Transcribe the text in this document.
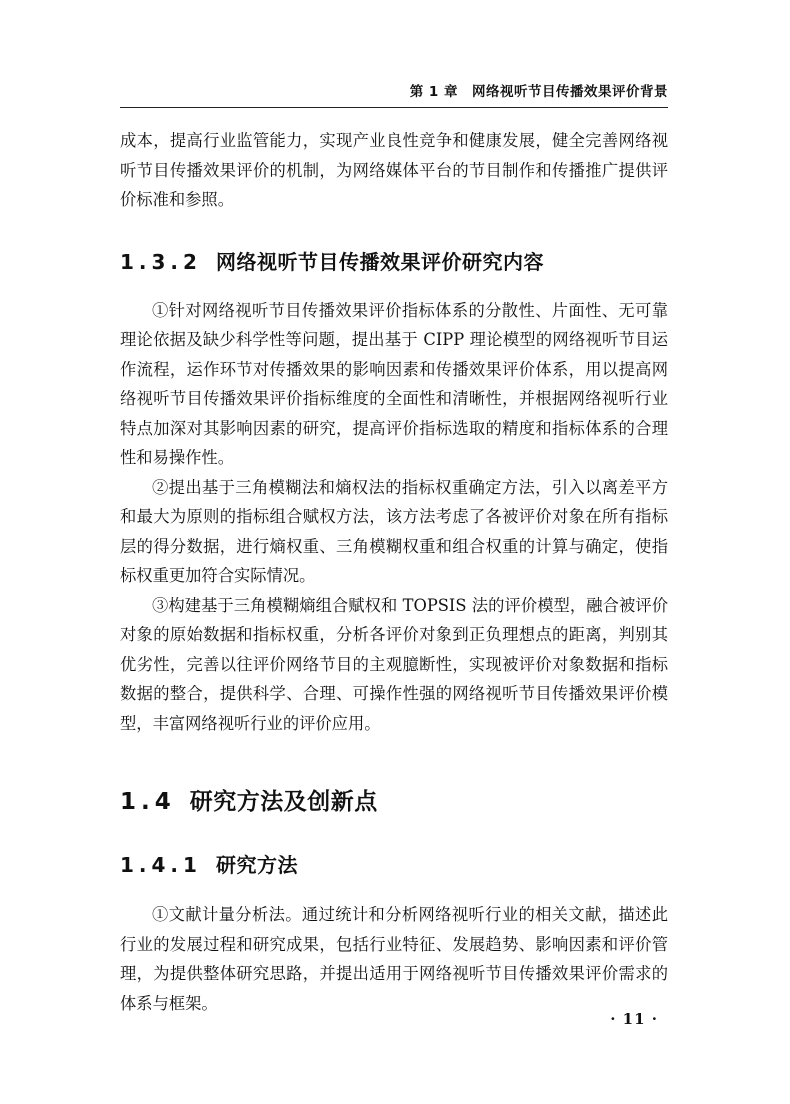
第 1 章　网络视听节目传播效果评价背景

成本，提高行业监管能力，实现产业良性竞争和健康发展，健全完善网络视听节目传播效果评价的机制，为网络媒体平台的节目制作和传播推广提供评价标准和参照。

1.3.2 网络视听节目传播效果评价研究内容

①针对网络视听节目传播效果评价指标体系的分散性、片面性、无可靠理论依据及缺少科学性等问题，提出基于 CIPP 理论模型的网络视听节目运作流程，运作环节对传播效果的影响因素和传播效果评价体系，用以提高网络视听节目传播效果评价指标维度的全面性和清晰性，并根据网络视听行业特点加深对其影响因素的研究，提高评价指标选取的精度和指标体系的合理性和易操作性。

②提出基于三角模糊法和熵权法的指标权重确定方法，引入以离差平方和最大为原则的指标组合赋权方法，该方法考虑了各被评价对象在所有指标层的得分数据，进行熵权重、三角模糊权重和组合权重的计算与确定，使指标权重更加符合实际情况。

③构建基于三角模糊熵组合赋权和 TOPSIS 法的评价模型，融合被评价对象的原始数据和指标权重，分析各评价对象到正负理想点的距离，判别其优劣性，完善以往评价网络节目的主观臆断性，实现被评价对象数据和指标数据的整合，提供科学、合理、可操作性强的网络视听节目传播效果评价模型，丰富网络视听行业的评价应用。

1.4 研究方法及创新点
1.4.1 研究方法

①文献计量分析法。通过统计和分析网络视听行业的相关文献，描述此行业的发展过程和研究成果，包括行业特征、发展趋势、影响因素和评价管理，为提供整体研究思路，并提出适用于网络视听节目传播效果评价需求的体系与框架。

· 11 ·
